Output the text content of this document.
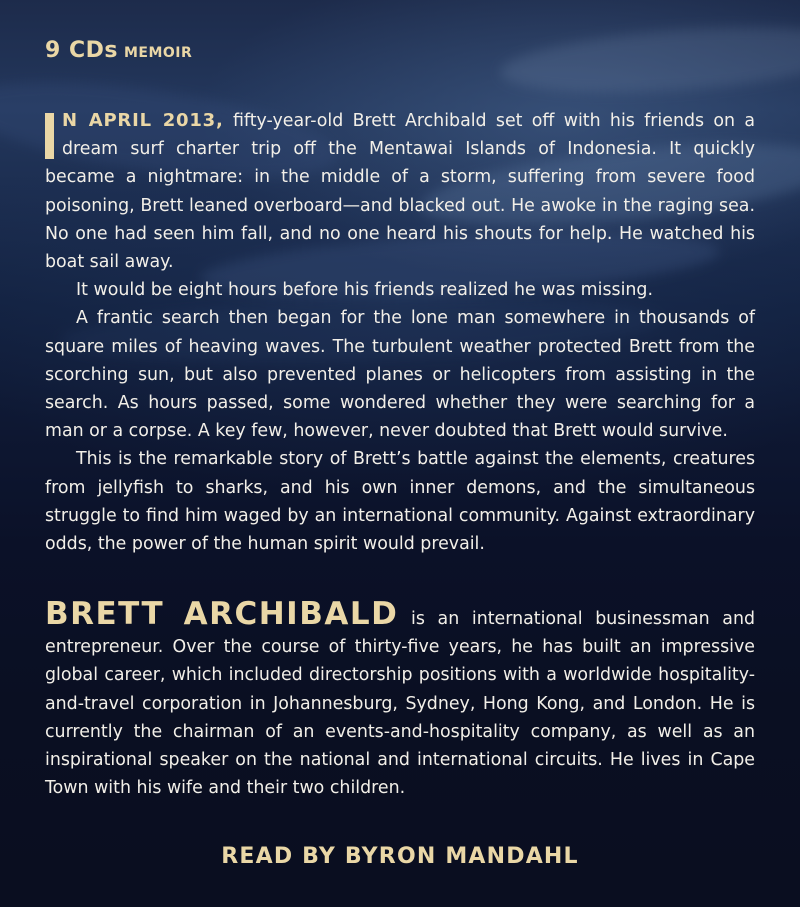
9 CDs MEMOIR

N APRIL 2013, fifty-year-old Brett Archibald set off with his friends on a dream surf charter trip off the Mentawai Islands of Indonesia. It quickly became a nightmare: in the middle of a storm, suffering from severe food poisoning, Brett leaned overboard—and blacked out. He awoke in the raging sea. No one had seen him fall, and no one heard his shouts for help. He watched his boat sail away.

It would be eight hours before his friends realized he was missing.

A frantic search then began for the lone man somewhere in thousands of square miles of heaving waves. The turbulent weather protected Brett from the scorching sun, but also prevented planes or helicopters from assisting in the search. As hours passed, some wondered whether they were searching for a man or a corpse. A key few, however, never doubted that Brett would survive.

This is the remarkable story of Brett’s battle against the elements, creatures from jellyfish to sharks, and his own inner demons, and the simultaneous struggle to find him waged by an international community. Against extraordinary odds, the power of the human spirit would prevail.

BRETT ARCHIBALD is an international businessman and entrepreneur. Over the course of thirty-five years, he has built an impressive global career, which included directorship positions with a worldwide hospitality-and-travel corporation in Johannesburg, Sydney, Hong Kong, and London. He is currently the chairman of an events-and-hospitality company, as well as an inspirational speaker on the national and international circuits. He lives in Cape Town with his wife and their two children.

READ BY BYRON MANDAHL
